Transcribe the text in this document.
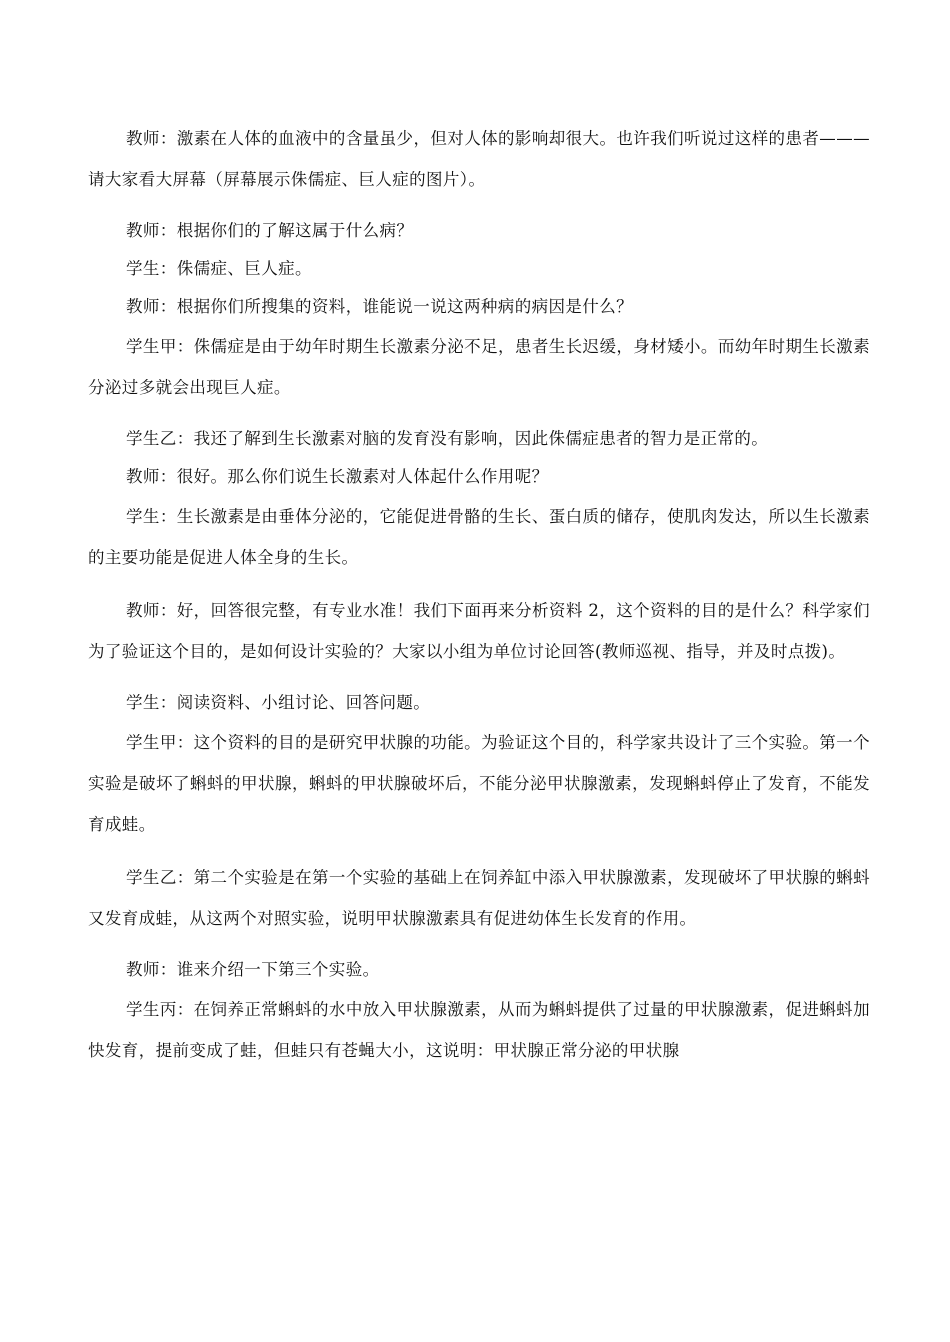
教师：激素在人体的血液中的含量虽少，但对人体的影响却很大。也许我们听说过这样的患者———请大家看大屏幕（屏幕展示侏儒症、巨人症的图片）。

教师：根据你们的了解这属于什么病？

学生：侏儒症、巨人症。

教师：根据你们所搜集的资料，谁能说一说这两种病的病因是什么？

学生甲：侏儒症是由于幼年时期生长激素分泌不足，患者生长迟缓，身材矮小。而幼年时期生长激素分泌过多就会出现巨人症。

学生乙：我还了解到生长激素对脑的发育没有影响，因此侏儒症患者的智力是正常的。

教师：很好。那么你们说生长激素对人体起什么作用呢？

学生：生长激素是由垂体分泌的，它能促进骨骼的生长、蛋白质的储存，使肌肉发达，所以生长激素的主要功能是促进人体全身的生长。

教师：好，回答很完整，有专业水准！我们下面再来分析资料 2，这个资料的目的是什么？科学家们为了验证这个目的，是如何设计实验的？大家以小组为单位讨论回答(教师巡视、指导，并及时点拨)。

学生：阅读资料、小组讨论、回答问题。

学生甲：这个资料的目的是研究甲状腺的功能。为验证这个目的，科学家共设计了三个实验。第一个实验是破坏了蝌蚪的甲状腺，蝌蚪的甲状腺破坏后，不能分泌甲状腺激素，发现蝌蚪停止了发育，不能发育成蛙。

学生乙：第二个实验是在第一个实验的基础上在饲养缸中添入甲状腺激素，发现破坏了甲状腺的蝌蚪又发育成蛙，从这两个对照实验，说明甲状腺激素具有促进幼体生长发育的作用。

教师：谁来介绍一下第三个实验。

学生丙：在饲养正常蝌蚪的水中放入甲状腺激素，从而为蝌蚪提供了过量的甲状腺激素，促进蝌蚪加快发育，提前变成了蛙，但蛙只有苍蝇大小，这说明：甲状腺正常分泌的甲状腺
